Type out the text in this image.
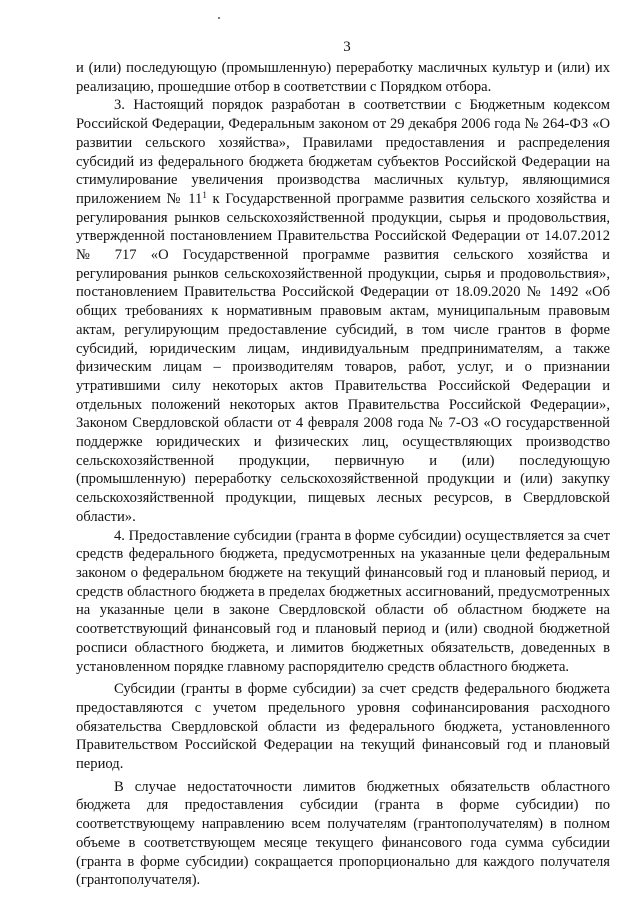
3

и (или) последующую (промышленную) переработку масличных культур и (или) их реализацию, прошедшие отбор в соответствии с Порядком отбора.

3. Настоящий порядок разработан в соответствии с Бюджетным кодексом Российской Федерации, Федеральным законом от 29 декабря 2006 года № 264-ФЗ «О развитии сельского хозяйства», Правилами предоставления и распределения субсидий из федерального бюджета бюджетам субъектов Российской Федерации на стимулирование увеличения производства масличных культур, являющимися приложением № $11^1$ к Государственной программе развития сельского хозяйства и регулирования рынков сельскохозяйственной продукции, сырья и продовольствия, утвержденной постановлением Правительства Российской Федерации от 14.07.2012 № 717 «О Государственной программе развития сельского хозяйства и регулирования рынков сельскохозяйственной продукции, сырья и продовольствия», постановлением Правительства Российской Федерации от 18.09.2020 № 1492 «Об общих требованиях к нормативным правовым актам, муниципальным правовым актам, регулирующим предоставление субсидий, в том числе грантов в форме субсидий, юридическим лицам, индивидуальным предпринимателям, а также физическим лицам – производителям товаров, работ, услуг, и о признании утратившими силу некоторых актов Правительства Российской Федерации и отдельных положений некоторых актов Правительства Российской Федерации», Законом Свердловской области от 4 февраля 2008 года № 7-ОЗ «О государственной поддержке юридических и физических лиц, осуществляющих производство сельскохозяйственной продукции, первичную и (или) последующую (промышленную) переработку сельскохозяйственной продукции и (или) закупку сельскохозяйственной продукции, пищевых лесных ресурсов, в Свердловской области».

4. Предоставление субсидии (гранта в форме субсидии) осуществляется за счет средств федерального бюджета, предусмотренных на указанные цели федеральным законом о федеральном бюджете на текущий финансовый год и плановый период, и средств областного бюджета в пределах бюджетных ассигнований, предусмотренных на указанные цели в законе Свердловской области об областном бюджете на соответствующий финансовый год и плановый период и (или) сводной бюджетной росписи областного бюджета, и лимитов бюджетных обязательств, доведенных в установленном порядке главному распорядителю средств областного бюджета.

Субсидии (гранты в форме субсидии) за счет средств федерального бюджета предоставляются с учетом предельного уровня софинансирования расходного обязательства Свердловской области из федерального бюджета, установленного Правительством Российской Федерации на текущий финансовый год и плановый период.

В случае недостаточности лимитов бюджетных обязательств областного бюджета для предоставления субсидии (гранта в форме субсидии) по соответствующему направлению всем получателям (грантополучателям) в полном объеме в соответствующем месяце текущего финансового года сумма субсидии (гранта в форме субсидии) сокращается пропорционально для каждого получателя (грантополучателя).
